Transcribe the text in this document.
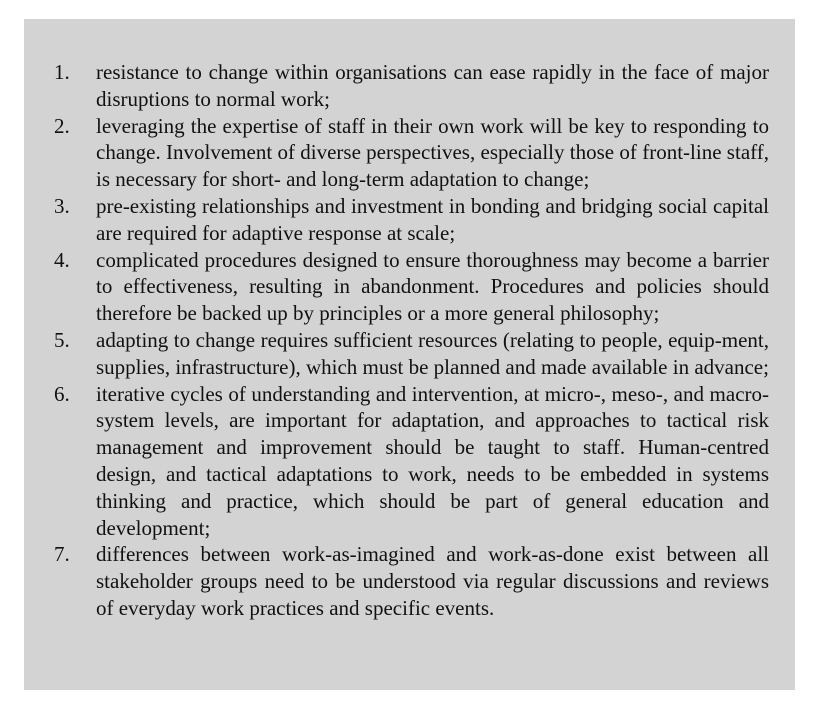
1. resistance to change within organisations can ease rapidly in the face of major disruptions to normal work;
2. leveraging the expertise of staff in their own work will be key to responding to change. Involvement of diverse perspectives, especially those of front-line staff, is necessary for short- and long-term adaptation to change;
3. pre-existing relationships and investment in bonding and bridging social capital are required for adaptive response at scale;
4. complicated procedures designed to ensure thoroughness may become a barrier to effectiveness, resulting in abandonment. Procedures and policies should therefore be backed up by principles or a more general philosophy;
5. adapting to change requires sufficient resources (relating to people, equip-ment, supplies, infrastructure), which must be planned and made available in advance;
6. iterative cycles of understanding and intervention, at micro-, meso-, and macro-system levels, are important for adaptation, and approaches to tactical risk management and improvement should be taught to staff. Human-centred design, and tactical adaptations to work, needs to be embedded in systems thinking and practice, which should be part of general education and development;
7. differences between work-as-imagined and work-as-done exist between all stakeholder groups need to be understood via regular discussions and reviews of everyday work practices and specific events.
